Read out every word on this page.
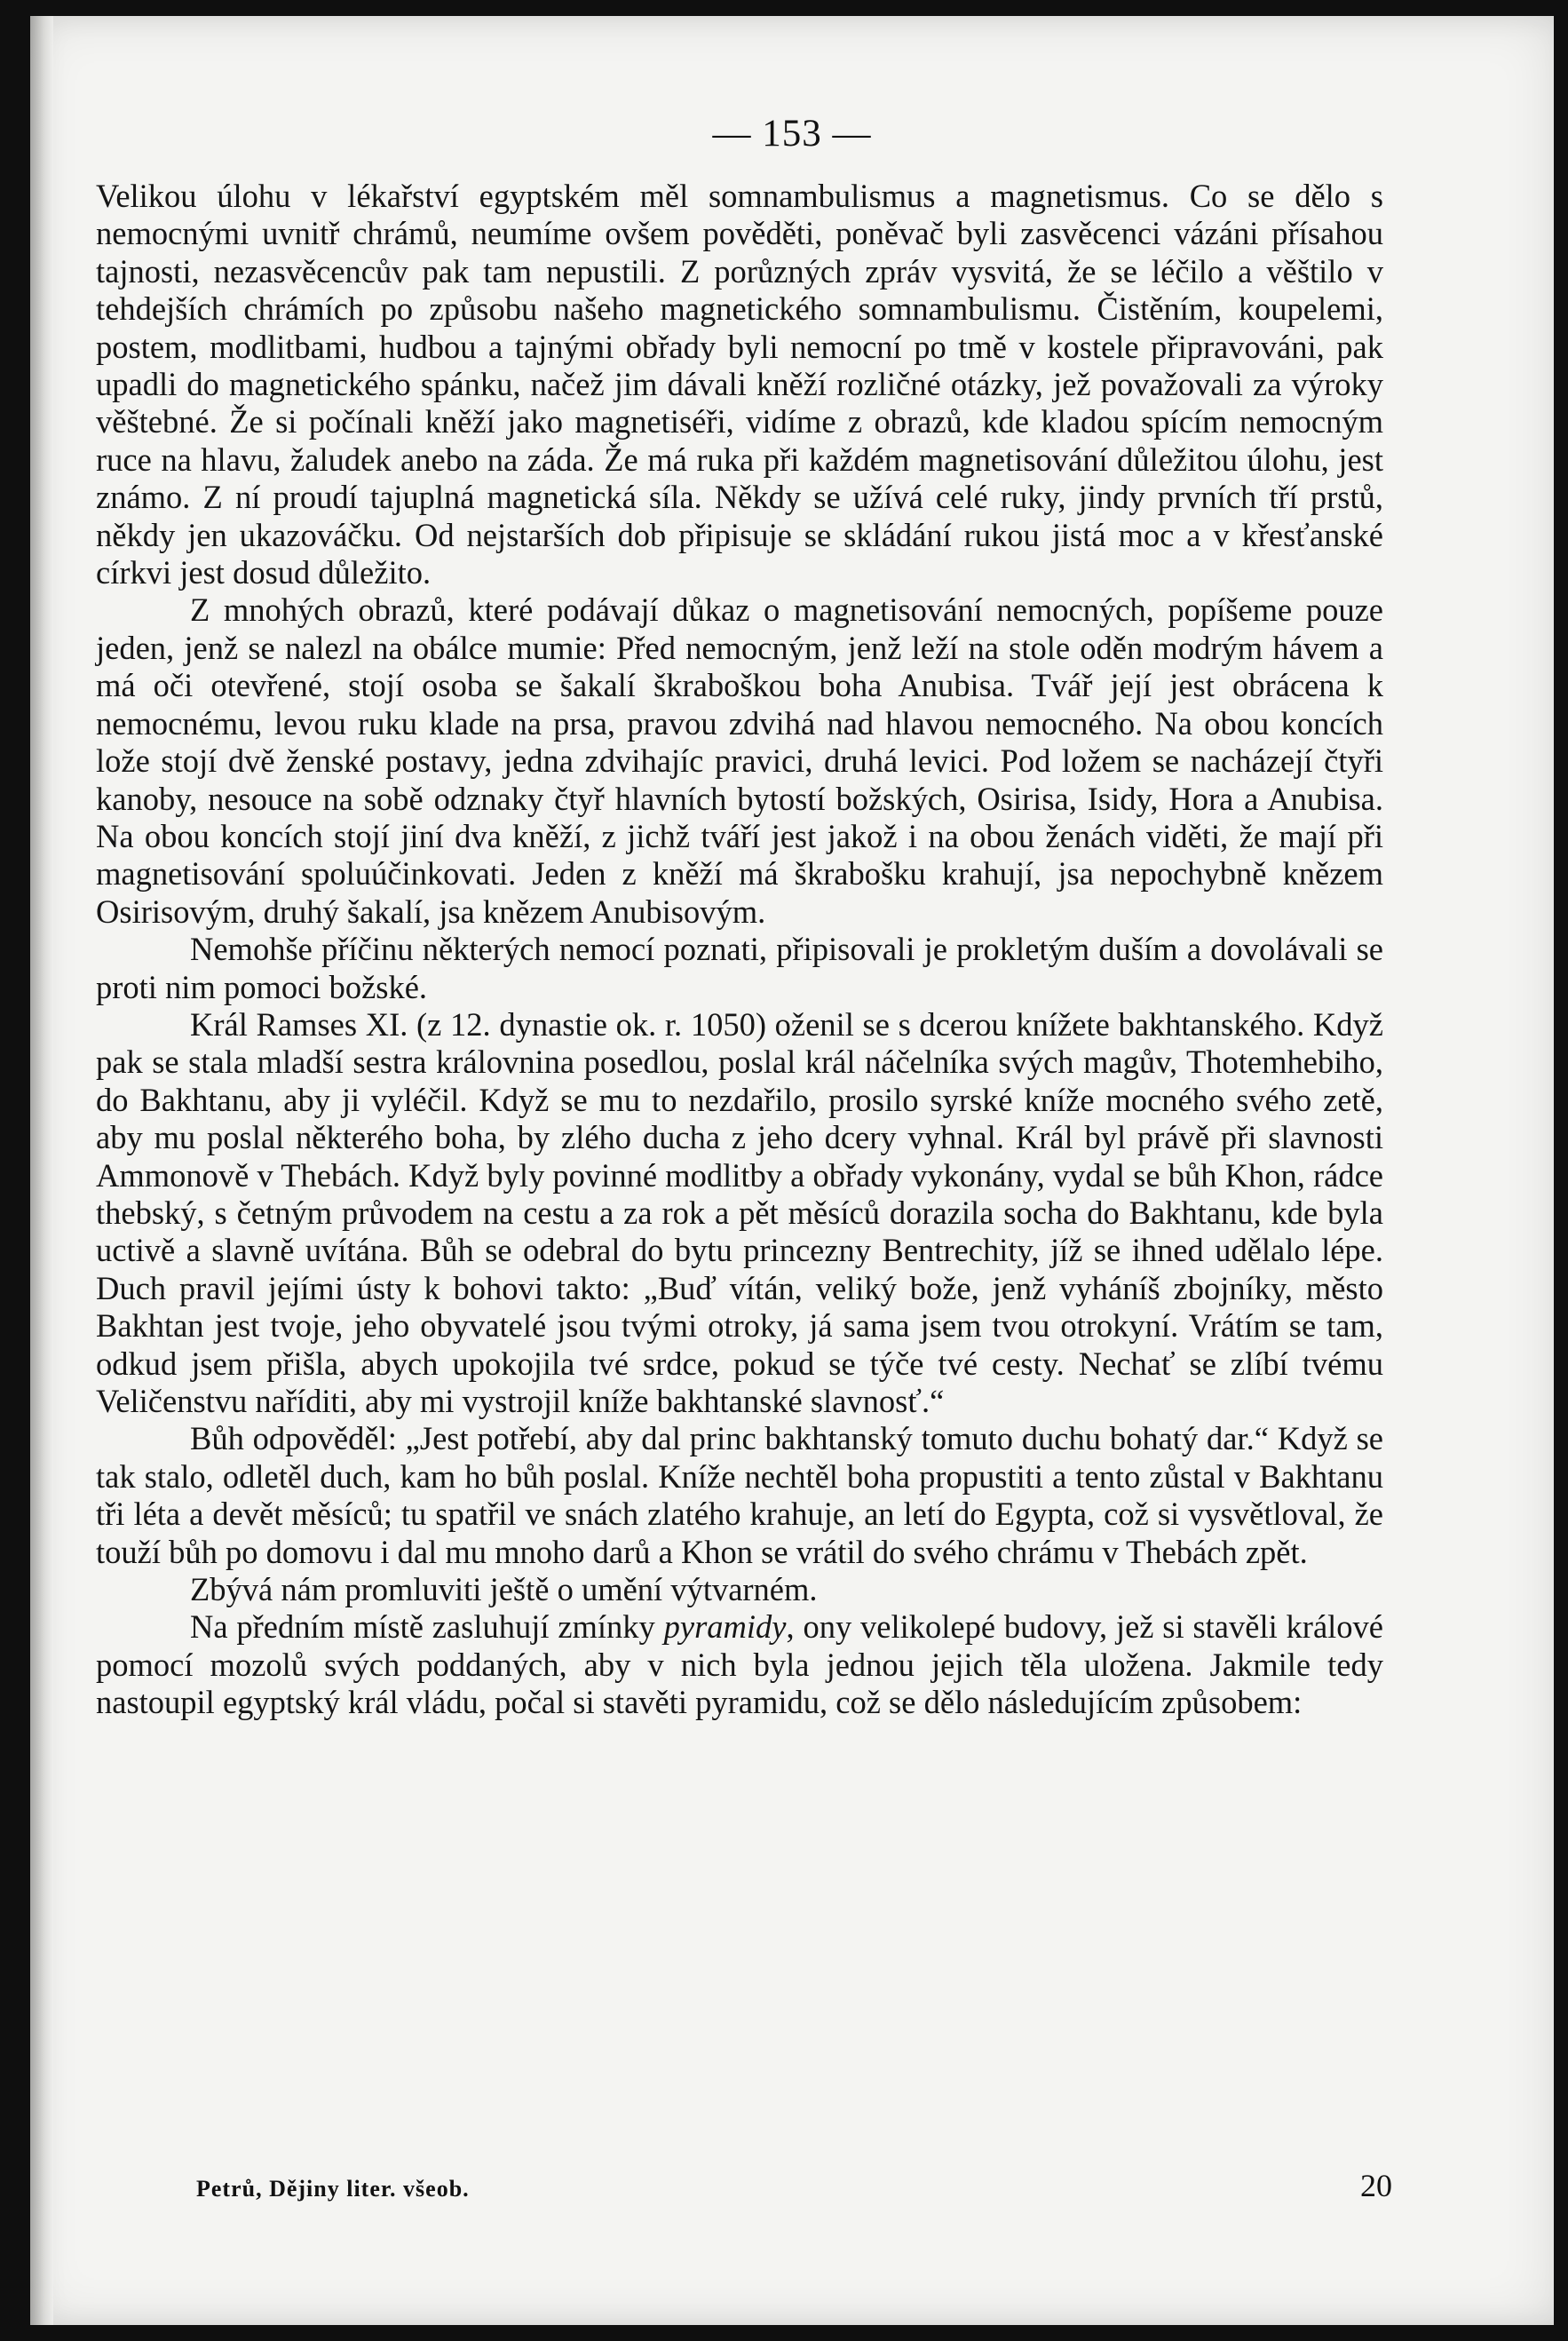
— 153 —

Velikou úlohu v lékařství egyptském měl somnambulismus a magnetismus. Co se dělo s nemocnými uvnitř chrámů, neumíme ovšem pověděti, poněvač byli zasvěcenci vázáni přísahou tajnosti, nezasvěcencův pak tam nepustili. Z porůzných zpráv vysvitá, že se léčilo a věštilo v tehdejších chrámích po způsobu našeho magnetického somnambulismu. Čistěním, koupelemi, postem, modlitbami, hudbou a tajnými obřady byli nemocní po tmě v kostele připravováni, pak upadli do magnetického spánku, načež jim dávali kněží rozličné otázky, jež považovali za výroky věštebné. Že si počínali kněží jako magnetiséři, vidíme z obrazů, kde kladou spícím nemocným ruce na hlavu, žaludek anebo na záda. Že má ruka při každém magnetisování důležitou úlohu, jest známo. Z ní proudí tajuplná magnetická síla. Někdy se užívá celé ruky, jindy prvních tří prstů, někdy jen ukazováčku. Od nejstarších dob připisuje se skládání rukou jistá moc a v křesťanské církvi jest dosud důležito.

Z mnohých obrazů, které podávají důkaz o magnetisování nemocných, popíšeme pouze jeden, jenž se nalezl na obálce mumie: Před nemocným, jenž leží na stole oděn modrým hávem a má oči otevřené, stojí osoba se šakalí škraboškou boha Anubisa. Tvář její jest obrácena k nemocnému, levou ruku klade na prsa, pravou zdvihá nad hlavou nemocného. Na obou koncích lože stojí dvě ženské postavy, jedna zdvihajíc pravici, druhá levici. Pod ložem se nacházejí čtyři kanoby, nesouce na sobě odznaky čtyř hlavních bytostí božských, Osirisa, Isidy, Hora a Anubisa. Na obou koncích stojí jiní dva kněží, z jichž tváří jest jakož i na obou ženách viděti, že mají při magnetisování spoluúčinkovati. Jeden z kněží má škrabošku krahují, jsa nepochybně knězem Osirisovým, druhý šakalí, jsa knězem Anubisovým.

Nemohše příčinu některých nemocí poznati, připisovali je prokletým duším a dovolávali se proti nim pomoci božské.

Král Ramses XI. (z 12. dynastie ok. r. 1050) oženil se s dcerou knížete bakhtanského. Když pak se stala mladší sestra královnina posedlou, poslal král náčelníka svých magův, Thotemhebiho, do Bakhtanu, aby ji vyléčil. Když se mu to nezdařilo, prosilo syrské kníže mocného svého zetě, aby mu poslal některého boha, by zlého ducha z jeho dcery vyhnal. Král byl právě při slavnosti Ammonově v Thebách. Když byly povinné modlitby a obřady vykonány, vydal se bůh Khon, rádce thebský, s četným průvodem na cestu a za rok a pět měsíců dorazila socha do Bakhtanu, kde byla uctivě a slavně uvítána. Bůh se odebral do bytu princezny Bentrechity, jíž se ihned udělalo lépe. Duch pravil jejími ústy k bohovi takto: „Buď vítán, veliký bože, jenž vyháníš zbojníky, město Bakhtan jest tvoje, jeho obyvatelé jsou tvými otroky, já sama jsem tvou otrokyní. Vrátím se tam, odkud jsem přišla, abych upokojila tvé srdce, pokud se týče tvé cesty. Nechať se zlíbí tvému Veličenstvu naříditi, aby mi vystrojil kníže bakhtanské slavnosť.“

Bůh odpověděl: „Jest potřebí, aby dal princ bakhtanský tomuto duchu bohatý dar.“ Když se tak stalo, odletěl duch, kam ho bůh poslal. Kníže nechtěl boha propustiti a tento zůstal v Bakhtanu tři léta a devět měsíců; tu spatřil ve snách zlatého krahuje, an letí do Egypta, což si vysvětloval, že touží bůh po domovu i dal mu mnoho darů a Khon se vrátil do svého chrámu v Thebách zpět.

Zbývá nám promluviti ještě o umění výtvarném.

Na předním místě zasluhují zmínky pyramidy, ony velikolepé budovy, jež si stavěli králové pomocí mozolů svých poddaných, aby v nich byla jednou jejich těla uložena. Jakmile tedy nastoupil egyptský král vládu, počal si stavěti pyramidu, což se dělo následujícím způsobem:

Petrů, Dějiny liter. všeob.	20
